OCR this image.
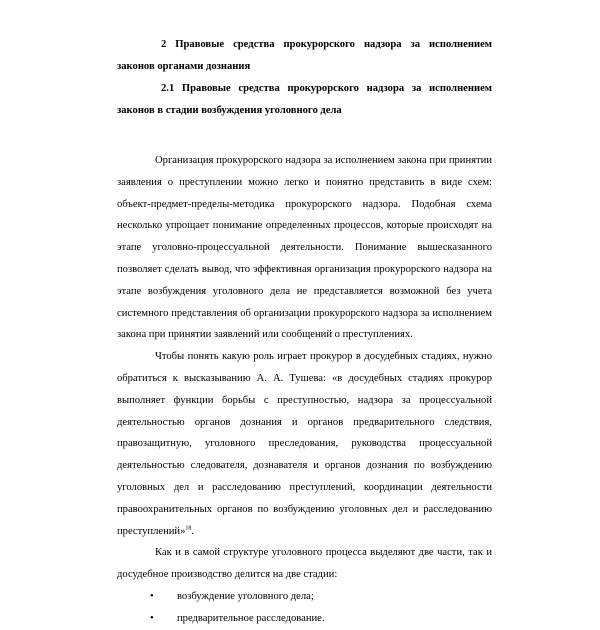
2 Правовые средства прокурорского надзора за исполнением

законов органами дознания

2.1 Правовые средства прокурорского надзора за исполнением

законов в стадии возбуждения уголовного дела

Организация прокурорского надзора за исполнением закона при принятии заявления о преступлении можно легко и понятно представить в виде схем: объект-предмет-пределы-методика прокурорского надзора. Подобная схема несколько упрощает понимание определенных процессов, которые происходят на этапе уголовно-процессуальной деятельности. Понимание вышесказанного позволяет сделать вывод, что эффективная организация прокурорского надзора на этапе возбуждения уголовного дела не представляется возможной без учета системного представления об организации прокурорского надзора за исполнением закона при принятии заявлений или сообщений о преступлениях.

Чтобы понять какую роль играет прокурор в досудебных стадиях, нужно обратиться к высказыванию А. А. Тушева: «в досудебных стадиях прокурор выполняет функции борьбы с преступностью, надзора за процессуальной деятельностью органов дознания и органов предварительного следствия, правозащитную, уголовного преследования, руководства процессуальной деятельностью следователя, дознавателя и органов дознания по возбуждению уголовных дел и расследованию преступлений, координации деятельности правоохранительных органов по возбуждению уголовных дел и расследованию преступлений»$^{18}$.

Как и в самой структуре уголовного процесса выделяют две части, так и досудебное производство делится на две стадии:

• возбуждение уголовного дела;
• предварительное расследование.
